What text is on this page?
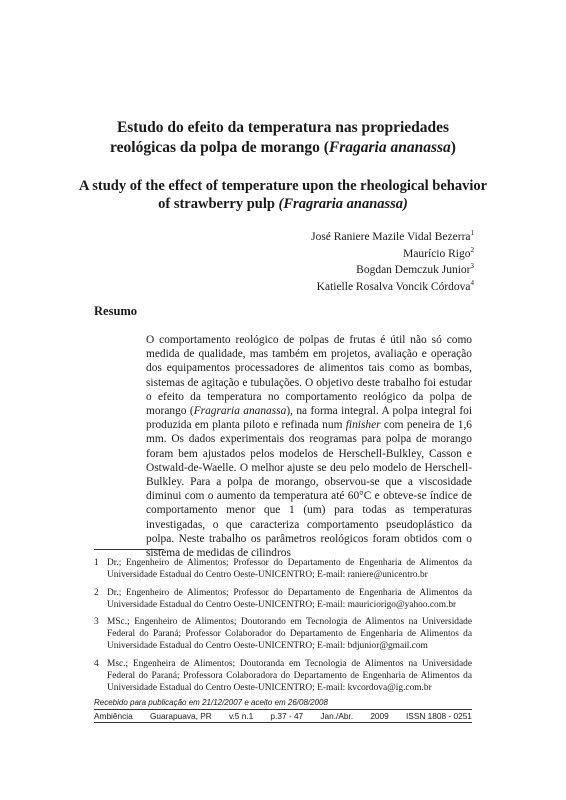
Estudo do efeito da temperatura nas propriedades
reológicas da polpa de morango (Fragaria ananassa)
A study of the effect of temperature upon the rheological behavior
of strawberry pulp (Fragraria ananassa)
José Raniere Mazile Vidal Bezerra$^1$
Maurício Rigo$^2$
Bogdan Demczuk Junior$^3$
Katielle Rosalva Voncik Córdova$^4$
Resumo
O comportamento reológico de polpas de frutas é útil não só como medida de qualidade, mas também em projetos, avaliação e operação dos equipamentos processadores de alimentos tais como as bombas, sistemas de agitação e tubulações. O objetivo deste trabalho foi estudar o efeito da temperatura no comportamento reológico da polpa de morango (Fragraria ananassa), na forma integral. A polpa integral foi produzida em planta piloto e refinada num finisher com peneira de 1,6 mm. Os dados experimentais dos reogramas para polpa de morango foram bem ajustados pelos modelos de Herschell-Bulkley, Casson e Ostwald-de-Waelle. O melhor ajuste se deu pelo modelo de Herschell-Bulkley. Para a polpa de morango, observou-se que a viscosidade diminui com o aumento da temperatura até 60°C e obteve-se índice de comportamento menor que 1 (um) para todas as temperaturas investigadas, o que caracteriza comportamento pseudoplástico da polpa. Neste trabalho os parâmetros reológicos foram obtidos com o sistema de medidas de cilindros
1 Dr.; Engenheiro de Alimentos; Professor do Departamento de Engenharia de Alimentos da Universidade Estadual do Centro Oeste-UNICENTRO; E-mail: raniere@unicentro.br
2 Dr.; Engenheiro de Alimentos; Professor do Departamento de Engenharia de Alimentos da Universidade Estadual do Centro Oeste-UNICENTRO; E-mail: mauriciorigo@yahoo.com.br
3 MSc.; Engenheiro de Alimentos; Doutorando em Tecnologia de Alimentos na Universidade Federal do Paraná; Professor Colaborador do Departamento de Engenharia de Alimentos da Universidade Estadual do Centro Oeste-UNICENTRO; E-mail: bdjunior@gmail.com
4 Msc.; Engenheira de Alimentos; Doutoranda em Tecnologia de Alimentos na Universidade Federal do Paraná; Professora Colaboradora do Departamento de Engenharia de Alimentos da Universidade Estadual do Centro Oeste-UNICENTRO; E-mail: kvcordova@ig.com.br
Recebido para publicação em 21/12/2007 e aceito em 26/08/2008
Ambiência Guarapuava, PR v.5 n.1 p.37 - 47 Jan./Abr. 2009 ISSN 1808 - 0251
